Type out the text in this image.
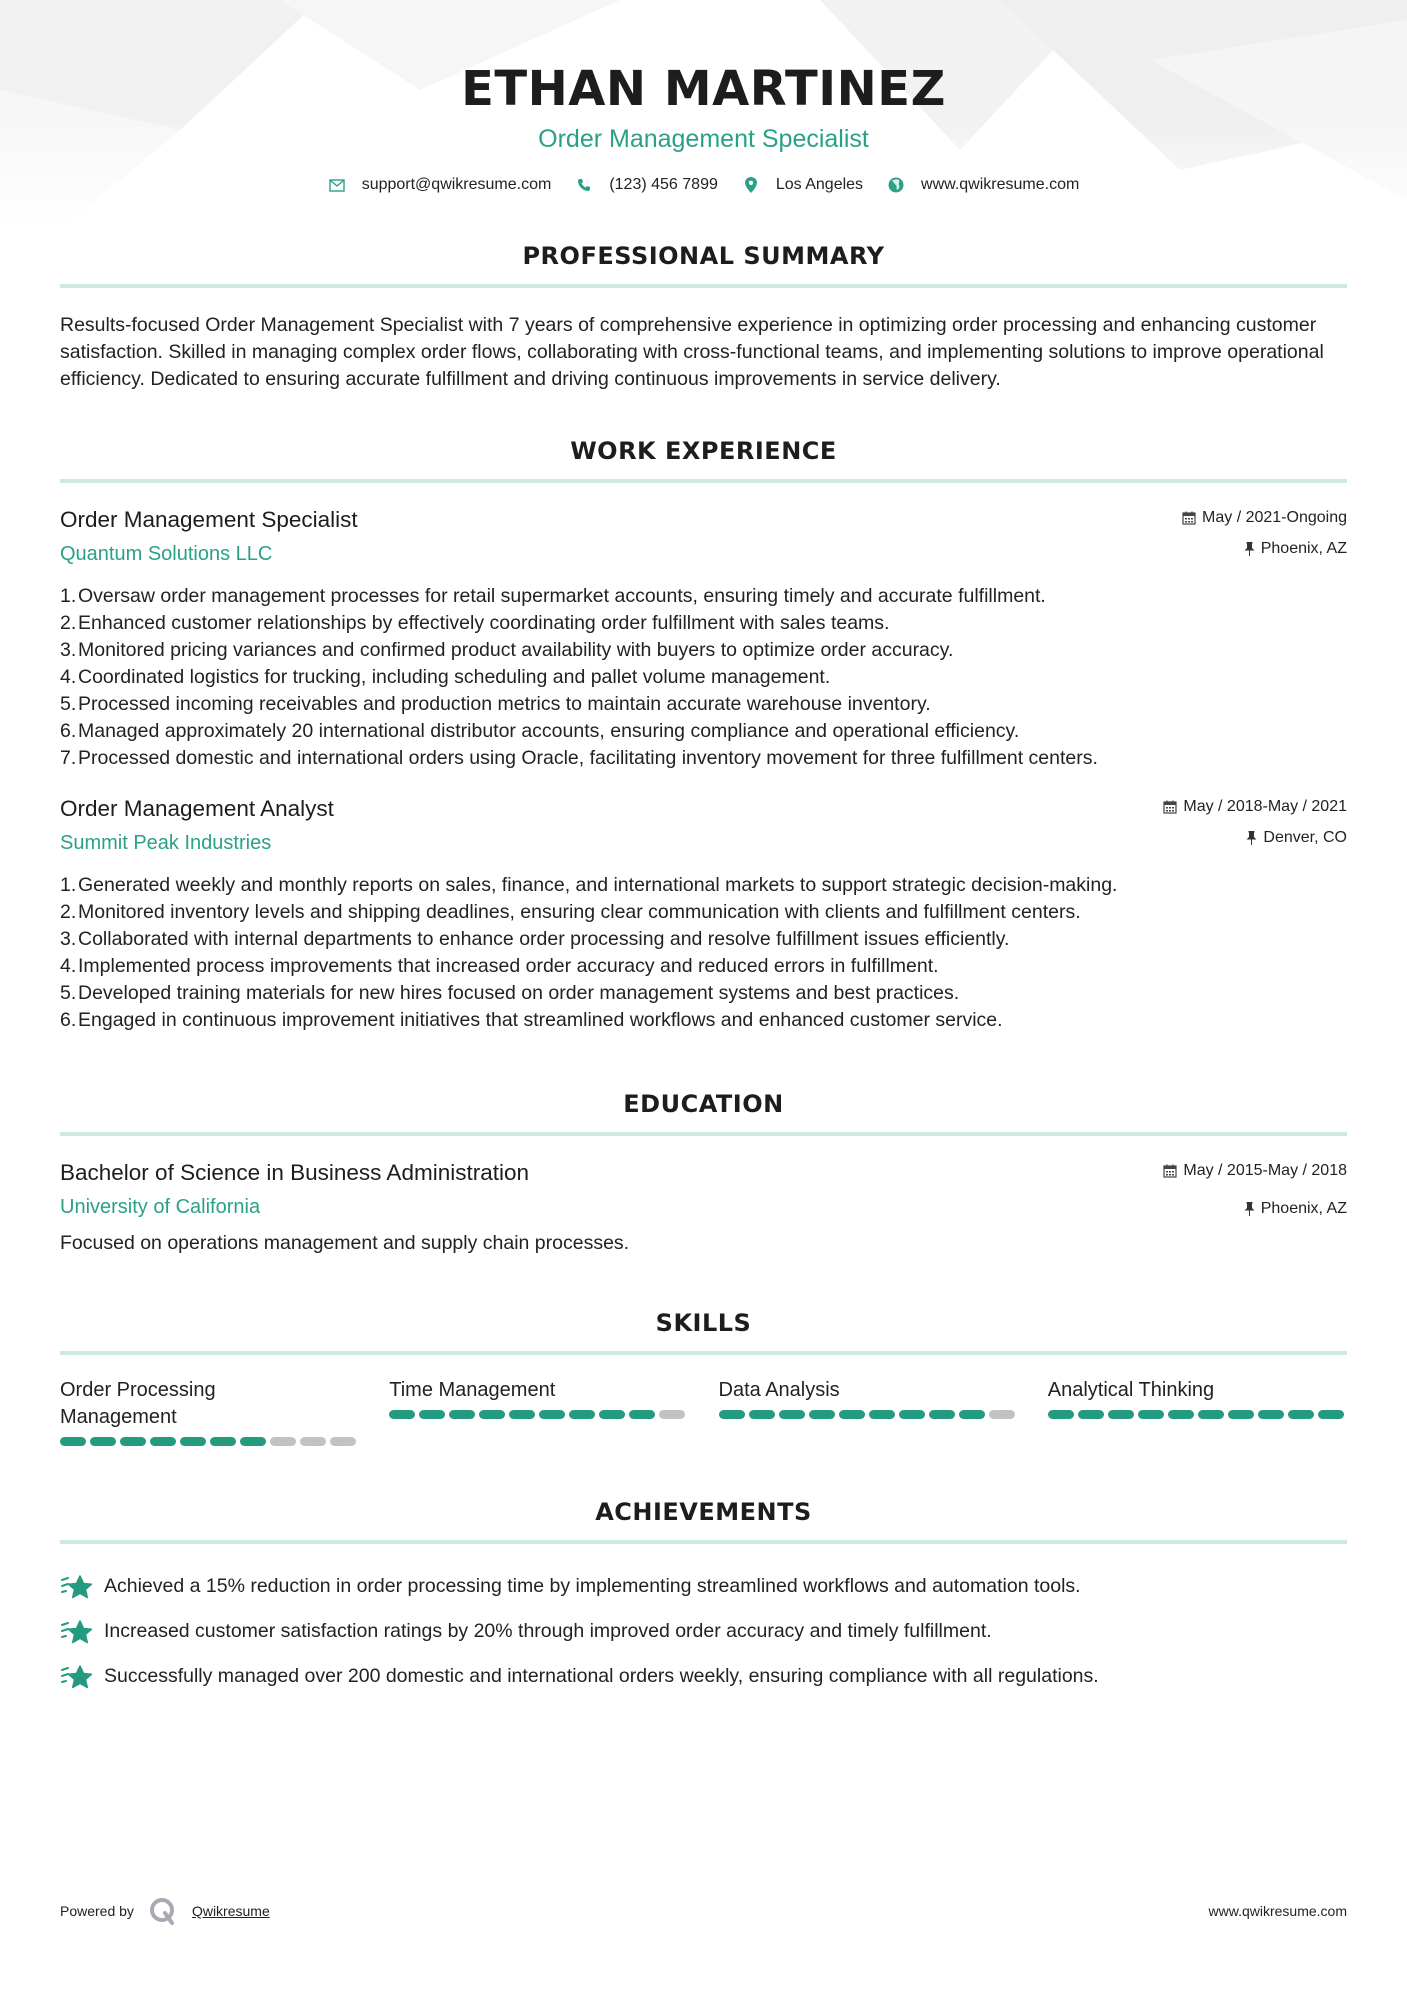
ETHAN MARTINEZ
Order Management Specialist
support@qwikresume.com	(123) 456 7899	Los Angeles	www.qwikresume.com
PROFESSIONAL SUMMARY

Results-focused Order Management Specialist with 7 years of comprehensive experience in optimizing order processing and enhancing customer satisfaction. Skilled in managing complex order flows, collaborating with cross-functional teams, and implementing solutions to improve operational efficiency. Dedicated to ensuring accurate fulfillment and driving continuous improvements in service delivery.

WORK EXPERIENCE
Order Management Specialist
Quantum Solutions LLC
May / 2021-Ongoing
Phoenix, AZ
1. Oversaw order management processes for retail supermarket accounts, ensuring timely and accurate fulfillment.
2. Enhanced customer relationships by effectively coordinating order fulfillment with sales teams.
3. Monitored pricing variances and confirmed product availability with buyers to optimize order accuracy.
4. Coordinated logistics for trucking, including scheduling and pallet volume management.
5. Processed incoming receivables and production metrics to maintain accurate warehouse inventory.
6. Managed approximately 20 international distributor accounts, ensuring compliance and operational efficiency.
7. Processed domestic and international orders using Oracle, facilitating inventory movement for three fulfillment centers.
Order Management Analyst
Summit Peak Industries
May / 2018-May / 2021
Denver, CO
1. Generated weekly and monthly reports on sales, finance, and international markets to support strategic decision-making.
2. Monitored inventory levels and shipping deadlines, ensuring clear communication with clients and fulfillment centers.
3. Collaborated with internal departments to enhance order processing and resolve fulfillment issues efficiently.
4. Implemented process improvements that increased order accuracy and reduced errors in fulfillment.
5. Developed training materials for new hires focused on order management systems and best practices.
6. Engaged in continuous improvement initiatives that streamlined workflows and enhanced customer service.
EDUCATION
Bachelor of Science in Business Administration
University of California
May / 2015-May / 2018
Phoenix, AZ

Focused on operations management and supply chain processes.

SKILLS
Order Processing Management
Time Management	Data Analysis	Analytical Thinking
ACHIEVEMENTS
Achieved a 15% reduction in order processing time by implementing streamlined workflows and automation tools.
Increased customer satisfaction ratings by 20% through improved order accuracy and timely fulfillment.
Successfully managed over 200 domestic and international orders weekly, ensuring compliance with all regulations.
Powered by	Qwikresume	www.qwikresume.com
